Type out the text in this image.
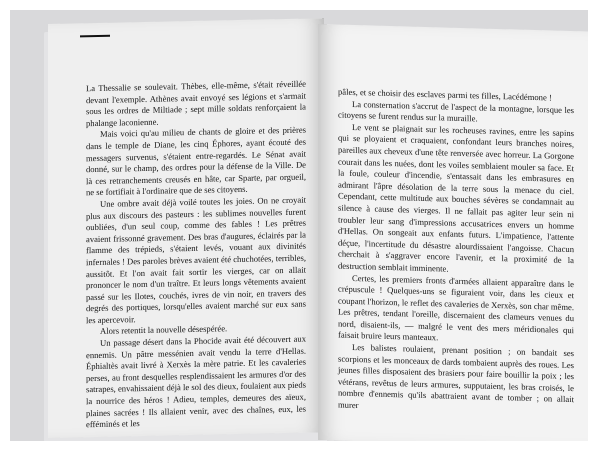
La Thessalie se soulevait. Thèbes, elle-même, s'était réveillée devant l'exemple. Athènes avait envoyé ses légions et s'armait sous les ordres de Miltiade ; sept mille soldats renforçaient la phalange laconienne.

Mais voici qu'au milieu de chants de gloire et des prières dans le temple de Diane, les cinq Éphores, ayant écouté des messagers survenus, s'étaient entre-regardés. Le Sénat avait donné, sur le champ, des ordres pour la défense de la Ville. De là ces retranchements creusés en hâte, car Sparte, par orgueil, ne se fortifiait à l'ordinaire que de ses citoyens.

Une ombre avait déjà voilé toutes les joies. On ne croyait plus aux discours des pasteurs : les sublimes nouvelles furent oubliées, d'un seul coup, comme des fables ! Les prêtres avaient frissonné gravement. Des bras d'augures, éclairés par la flamme des trépieds, s'étaient levés, vouant aux divinités infernales ! Des paroles brèves avaient été chuchotées, terribles, aussitôt. Et l'on avait fait sortir les vierges, car on allait prononcer le nom d'un traître. Et leurs longs vêtements avaient passé sur les Ilotes, couchés, ivres de vin noir, en travers des degrés des portiques, lorsqu'elles avaient marché sur eux sans les apercevoir.

Alors retentit la nouvelle désespérée.

Un passage désert dans la Phocide avait été découvert aux ennemis. Un pâtre messénien avait vendu la terre d'Hellas. Éphialtès avait livré à Xerxès la mère patrie. Et les cavaleries perses, au front desquelles resplendissaient les armures d'or des satrapes, envahissaient déjà le sol des dieux, foulaient aux pieds la nourrice des héros ! Adieu, temples, demeures des aïeux, plaines sacrées ! Ils allaient venir, avec des chaînes, eux, les efféminés et les

pâles, et se choisir des esclaves parmi tes filles, Lacédémone !

La consternation s'accrut de l'aspect de la montagne, lorsque les citoyens se furent rendus sur la muraille.

Le vent se plaignait sur les rocheuses ravines, entre les sapins qui se ployaient et craquaient, confondant leurs branches noires, pareilles aux cheveux d'une tête renversée avec horreur. La Gorgone courait dans les nuées, dont les voiles semblaient mouler sa face. Et la foule, couleur d'incendie, s'entassait dans les embrasures en admirant l'âpre désolation de la terre sous la menace du ciel. Cependant, cette multitude aux bouches sévères se condamnait au silence à cause des vierges. Il ne fallait pas agiter leur sein ni troubler leur sang d'impressions accusatrices envers un homme d'Hellas. On songeait aux enfants futurs. L'impatience, l'attente déçue, l'incertitude du désastre alourdissaient l'angoisse. Chacun cherchait à s'aggraver encore l'avenir, et la proximité de la destruction semblait imminente.

Certes, les premiers fronts d'armées allaient apparaître dans le crépuscule ! Quelques-uns se figuraient voir, dans les cieux et coupant l'horizon, le reflet des cavaleries de Xerxès, son char même. Les prêtres, tendant l'oreille, discernaient des clameurs venues du nord, disaient-ils, — malgré le vent des mers méridionales qui faisait bruire leurs manteaux.

Les balistes roulaient, prenant position ; on bandait ses scorpions et les monceaux de dards tombaient auprès des roues. Les jeunes filles disposaient des brasiers pour faire bouillir la poix ; les vétérans, revêtus de leurs armures, supputaient, les bras croisés, le nombre d'ennemis qu'ils abattraient avant de tomber ; on allait murer
